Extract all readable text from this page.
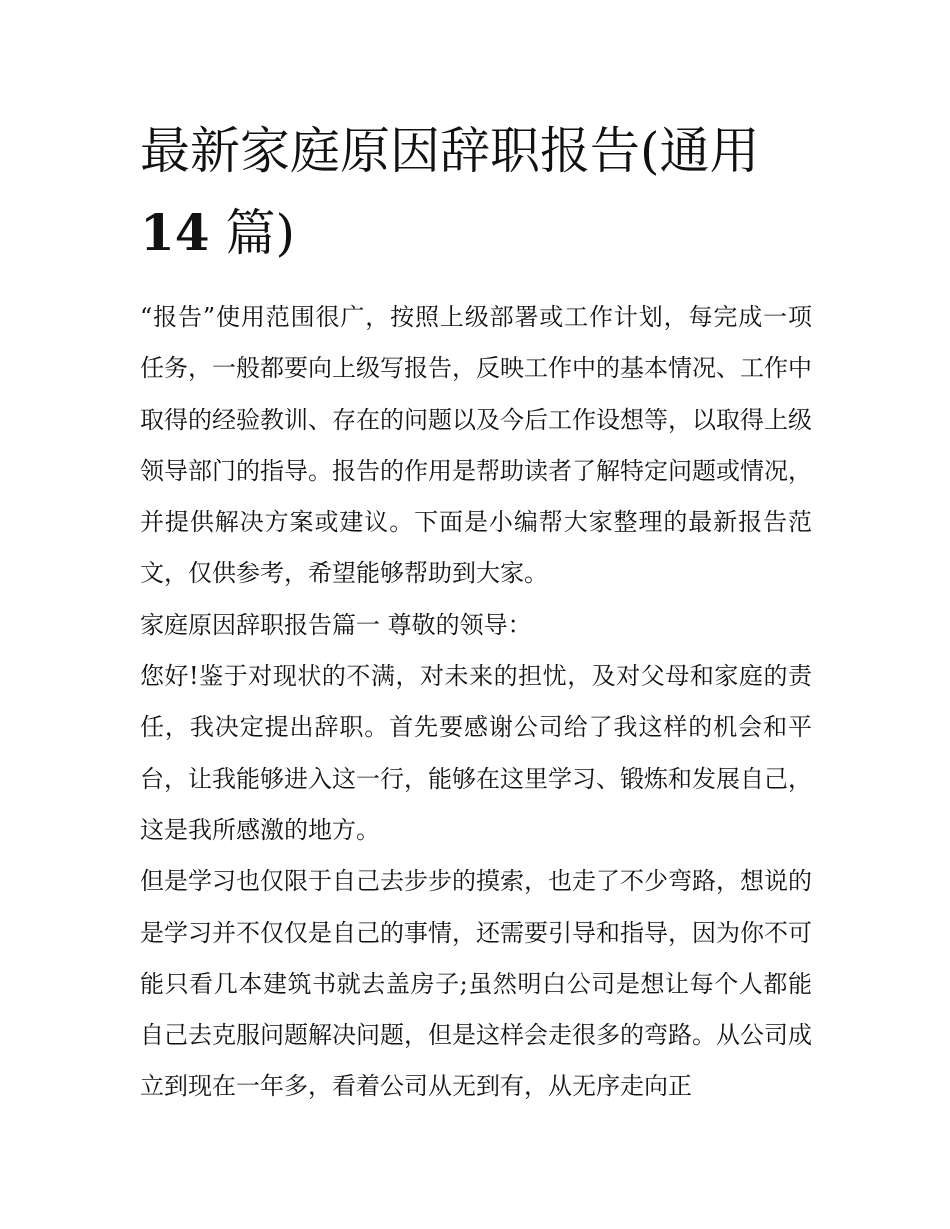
最新家庭原因辞职报告(通用
14 篇)

“报告”使用范围很广，按照上级部署或工作计划，每完成一项任务，一般都要向上级写报告，反映工作中的基本情况、工作中取得的经验教训、存在的问题以及今后工作设想等，以取得上级领导部门的指导。报告的作用是帮助读者了解特定问题或情况，并提供解决方案或建议。下面是小编帮大家整理的最新报告范文，仅供参考，希望能够帮助到大家。

家庭原因辞职报告篇一 尊敬的领导：

您好!鉴于对现状的不满，对未来的担忧，及对父母和家庭的责任，我决定提出辞职。首先要感谢公司给了我这样的机会和平台，让我能够进入这一行，能够在这里学习、锻炼和发展自己，这是我所感激的地方。

但是学习也仅限于自己去步步的摸索，也走了不少弯路，想说的是学习并不仅仅是自己的事情，还需要引导和指导，因为你不可能只看几本建筑书就去盖房子;虽然明白公司是想让每个人都能自己去克服问题解决问题，但是这样会走很多的弯路。从公司成立到现在一年多，看着公司从无到有，从无序走向正
